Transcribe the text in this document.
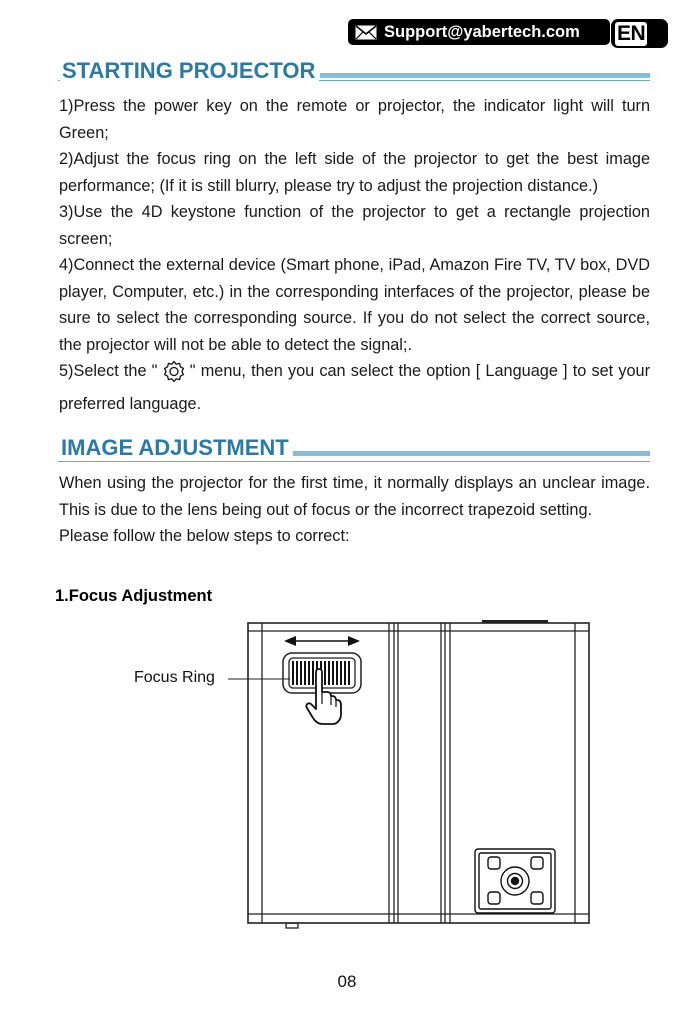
Support@yabertech.com EN
STARTING PROJECTOR

1)Press the power key on the remote or projector, the indicator light will turn Green;

2)Adjust the focus ring on the left side of the projector to get the best image performance; (If it is still blurry, please try to adjust the projection distance.)

3)Use the 4D keystone function of the projector to get a rectangle projection screen;

4)Connect the external device (Smart phone, iPad, Amazon Fire TV, TV box, DVD player, Computer, etc.) in the corresponding interfaces of the projector, please be sure to select the corresponding source. If you do not select the correct source, the projector will not be able to detect the signal;.

5)Select the "  " menu, then you can select the option [ Language ] to set your preferred language.

IMAGE ADJUSTMENT

When using the projector for the first time, it normally displays an unclear image. This is due to the lens being out of focus or the incorrect trapezoid setting.

Please follow the below steps to correct:

1.Focus Adjustment
Focus Ring
08
